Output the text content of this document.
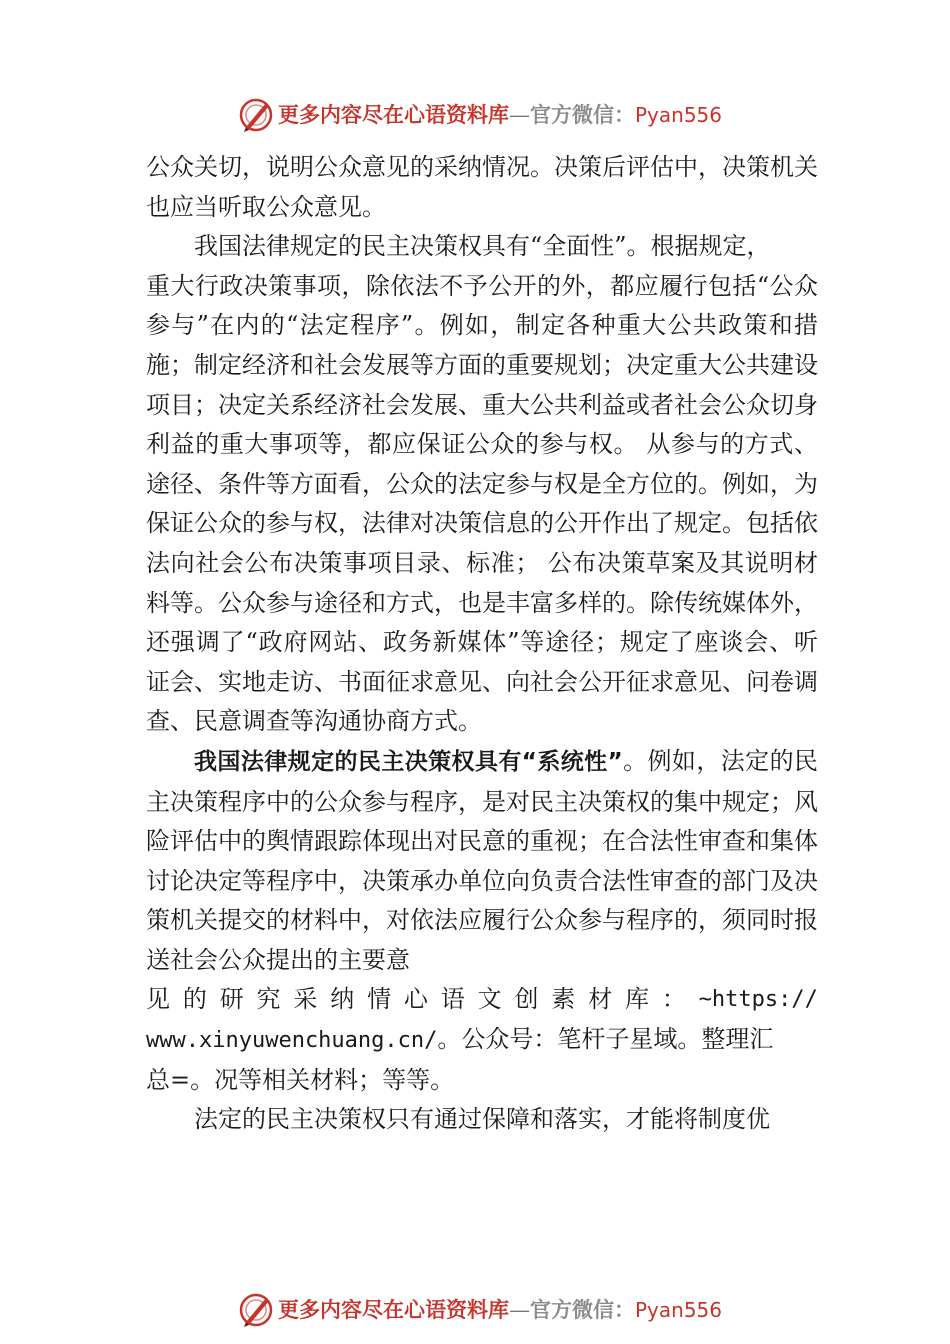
更多内容尽在心语资料库—官方微信：Pyan556

公众关切，说明公众意见的采纳情况。决策后评估中，决策机关也应当听取公众意见。

我国法律规定的民主决策权具有“全面性”。根据规定，

重大行政决策事项，除依法不予公开的外，都应履行包括“公众参与”在内的“法定程序”。例如，制定各种重大公共政策和措施；制定经济和社会发展等方面的重要规划；决定重大公共建设项目；决定关系经济社会发展、重大公共利益或者社会公众切身利益的重大事项等，都应保证公众的参与权。 从参与的方式、途径、条件等方面看，公众的法定参与权是全方位的。例如，为保证公众的参与权，法律对决策信息的公开作出了规定。包括依法向社会公布决策事项目录、标准； 公布决策草案及其说明材料等。公众参与途径和方式，也是丰富多样的。除传统媒体外，还强调了“政府网站、政务新媒体”等途径；规定了座谈会、听证会、实地走访、书面征求意见、向社会公开征求意见、问卷调查、民意调查等沟通协商方式。

我国法律规定的民主决策权具有“系统性”。例如，法定的民主决策程序中的公众参与程序，是对民主决策权的集中规定；风险评估中的舆情跟踪体现出对民意的重视；在合法性审查和集体讨论决定等程序中，决策承办单位向负责合法性审查的部门及决策机关提交的材料中，对依法应履行公众参与程序的，须同时报送社会公众提出的主要意

见 的 研 究 采 纳 情 心 语 文 创 素 材 库 ： ~https://

www.xinyuwenchuang.cn/。公众号：笔杆子星域。整理汇

总=。况等相关材料；等等。

法定的民主决策权只有通过保障和落实，才能将制度优

更多内容尽在心语资料库—官方微信：Pyan556
